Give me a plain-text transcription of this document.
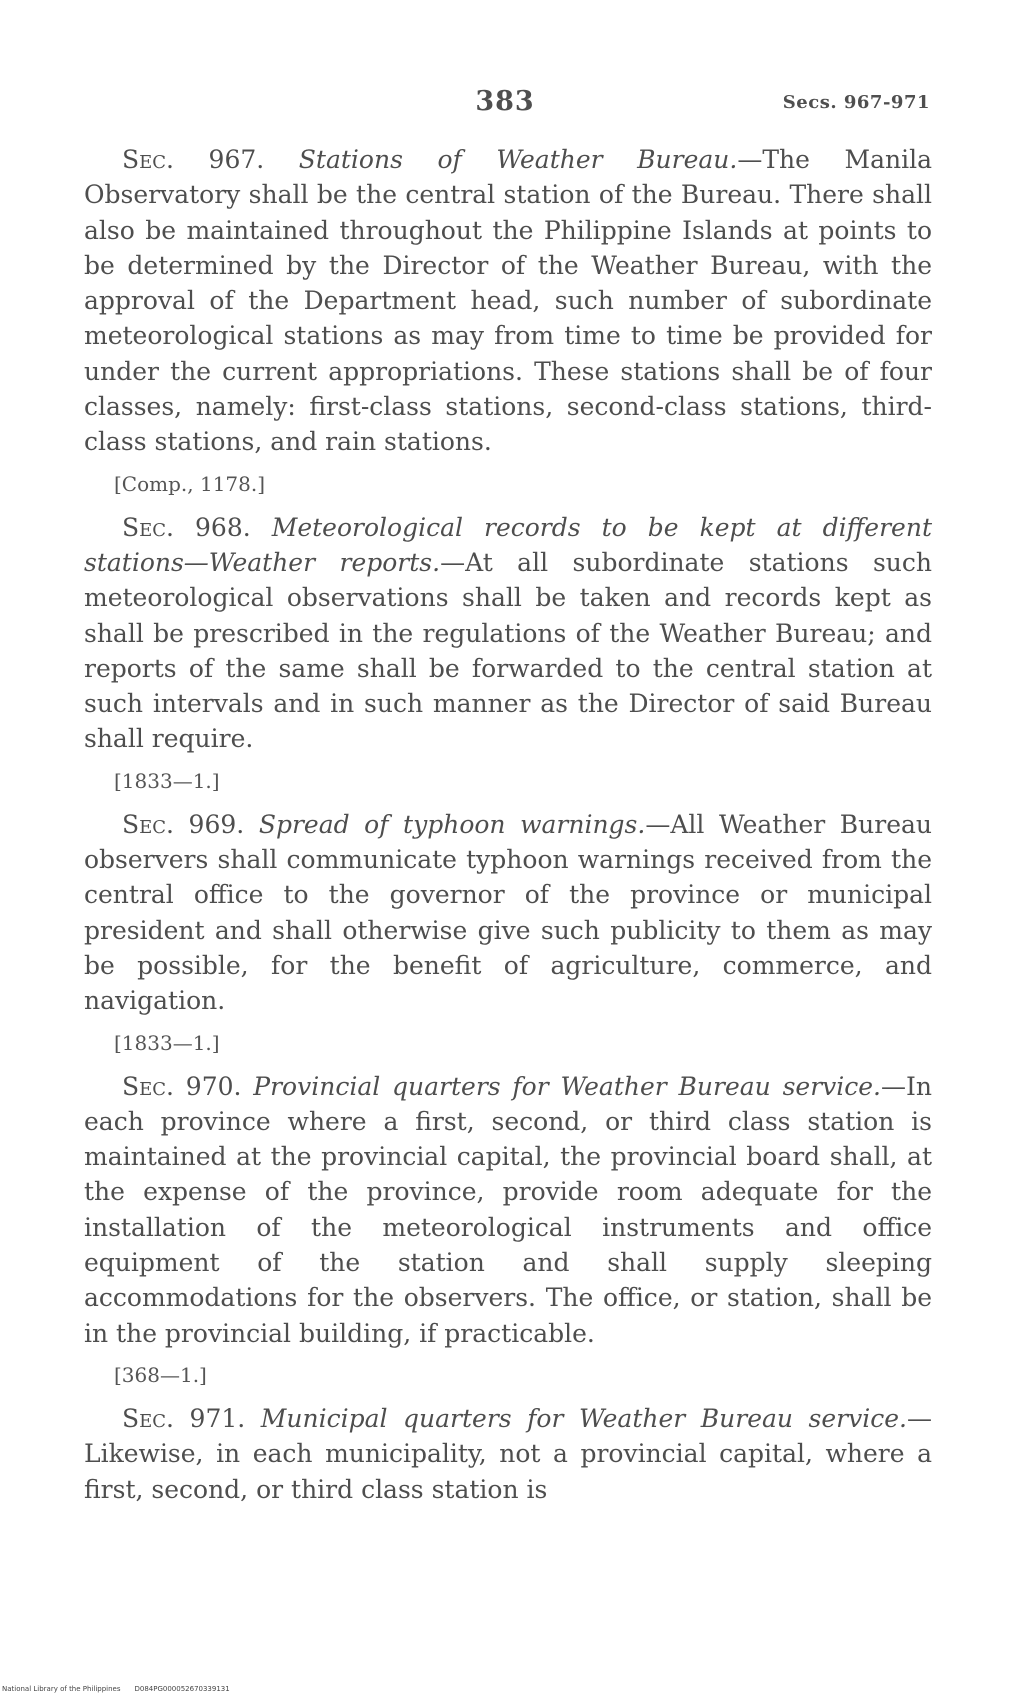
383	Secs. 967-971

Sec. 967. Stations of Weather Bureau.—The Manila Observatory shall be the central station of the Bureau. There shall also be maintained throughout the Philippine Islands at points to be determined by the Director of the Weather Bureau, with the approval of the Department head, such number of subordinate meteorological stations as may from time to time be provided for under the current appropriations. These stations shall be of four classes, namely: first-class stations, second-class stations, third-class stations, and rain stations.

[Comp., 1178.]

Sec. 968. Meteorological records to be kept at different stations—Weather reports.—At all subordinate stations such meteorological observations shall be taken and records kept as shall be prescribed in the regulations of the Weather Bureau; and reports of the same shall be forwarded to the central station at such intervals and in such manner as the Director of said Bureau shall require.

[1833—1.]

Sec. 969. Spread of typhoon warnings.—All Weather Bureau observers shall communicate typhoon warnings received from the central office to the governor of the province or municipal president and shall otherwise give such publicity to them as may be possible, for the benefit of agriculture, commerce, and navigation.

[1833—1.]

Sec. 970. Provincial quarters for Weather Bureau service.—In each province where a first, second, or third class station is maintained at the provincial capital, the provincial board shall, at the expense of the province, provide room adequate for the installation of the meteorological instruments and office equipment of the station and shall supply sleeping accommodations for the observers. The office, or station, shall be in the provincial building, if practicable.

[368—1.]

Sec. 971. Municipal quarters for Weather Bureau service.—Likewise, in each municipality, not a provincial capital, where a first, second, or third class station is

National Library of the Philippines D084PG000052670339131
